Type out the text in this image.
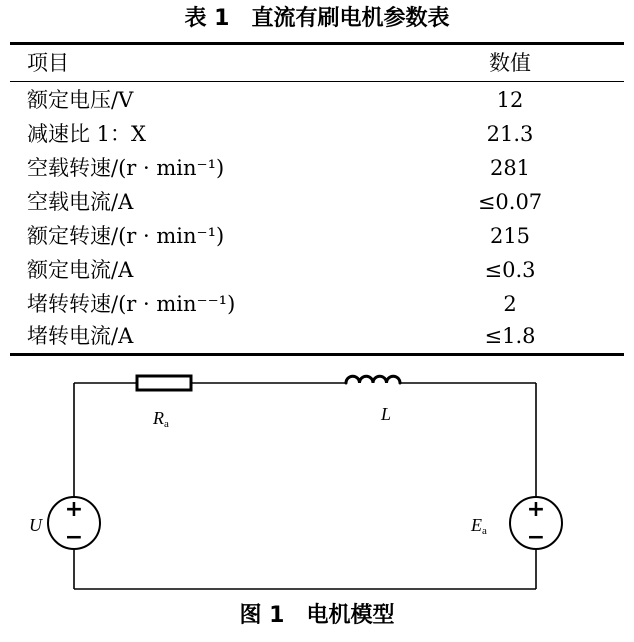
表 1　直流有刷电机参数表
项目	数值
额定电压/V	12
减速比 1：X	21.3
空载转速/(r · min⁻¹)	281
空载电流/A	≤0.07
额定转速/(r · min⁻¹)	215
额定电流/A	≤0.3
堵转转速/(r · min⁻⁻¹)	2
堵转电流/A	≤1.8
+
−
+
−
Ra	L
U	Ea
图 1　电机模型
